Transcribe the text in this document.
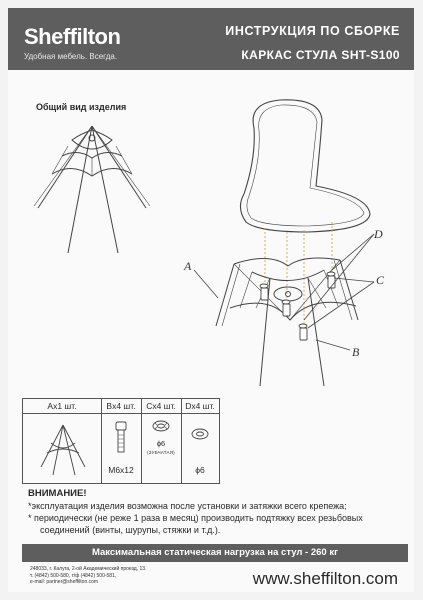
Sheffilton
Удобная мебель. Всегда.
ИНСТРУКЦИЯ ПО СБОРКЕ
КАРКАС СТУЛА SHT-S100
Общий вид изделия
A
B
D
C
Ax1 шт.	Bx4 шт.
M6x12
Cx4 шт.
ϕ6
(ЗУБЧАТАЯ)
Dx4 шт.
ϕ6
ВНИМАНИЕ!
*эксплуатация изделия возможна после установки и затяжки всего крепежа;
* периодически (не реже 1 раза в месяц) производить подтяжку всех резьбовых
соединений (винты, шурупы, стяжки и т.д.).
Максимальная статическая нагрузка на стул - 260 кг
248033, г. Калуга, 2-ой Академический проезд, 13.
т. (4842) 500-580, т/ф (4842) 500-581,
e-mail: partner@sheffilton.com	www.sheffilton.com
